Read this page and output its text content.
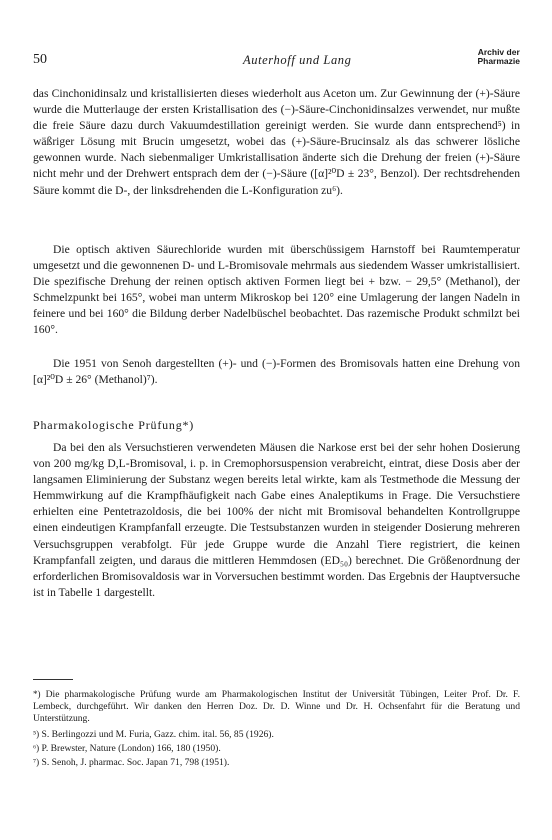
50	Auterhoff und Lang
Archiv der
Pharmazie

das Cinchonidinsalz und kristallisierten dieses wiederholt aus Aceton um. Zur Gewinnung der (+)-Säure wurde die Mutterlauge der ersten Kristallisation des (−)-Säure-Cinchonidinsalzes verwendet, nur mußte die freie Säure dazu durch Vakuumdestillation gereinigt werden. Sie wurde dann entsprechend⁵) in wäßriger Lösung mit Brucin umgesetzt, wobei das (+)-Säure-Brucinsalz als das schwerer lösliche gewonnen wurde. Nach siebenmaliger Umkristallisation änderte sich die Drehung der freien (+)-Säure nicht mehr und der Drehwert entsprach dem der (−)-Säure ([α]²⁰D ± 23°, Benzol). Der rechtsdrehenden Säure kommt die D-, der linksdrehenden die L-Konfiguration zu⁶).

Die optisch aktiven Säurechloride wurden mit überschüssigem Harnstoff bei Raumtemperatur umgesetzt und die gewonnenen D- und L-Bromisovale mehrmals aus siedendem Wasser umkristallisiert. Die spezifische Drehung der reinen optisch aktiven Formen liegt bei + bzw. − 29,5° (Methanol), der Schmelzpunkt bei 165°, wobei man unterm Mikroskop bei 120° eine Umlagerung der langen Nadeln in feinere und bei 160° die Bildung derber Nadelbüschel beobachtet. Das razemische Produkt schmilzt bei 160°.

Die 1951 von Senoh dargestellten (+)- und (−)-Formen des Bromisovals hatten eine Drehung von [α]²⁰D ± 26° (Methanol)⁷).

Pharmakologische Prüfung*)

Da bei den als Versuchstieren verwendeten Mäusen die Narkose erst bei der sehr hohen Dosierung von 200 mg/kg D,L-Bromisoval, i. p. in Cremophorsuspension verabreicht, eintrat, diese Dosis aber der langsamen Eliminierung der Substanz wegen bereits letal wirkte, kam als Testmethode die Messung der Hemmwirkung auf die Krampfhäufigkeit nach Gabe eines Analeptikums in Frage. Die Versuchstiere erhielten eine Pentetrazoldosis, die bei 100% der nicht mit Bromisoval behandelten Kontrollgruppe einen eindeutigen Krampfanfall erzeugte. Die Testsubstanzen wurden in steigender Dosierung mehreren Versuchsgruppen verabfolgt. Für jede Gruppe wurde die Anzahl Tiere registriert, die keinen Krampfanfall zeigten, und daraus die mittleren Hemmdosen (ED₅₀) berechnet. Die Größenordnung der erforderlichen Bromisovaldosis war in Vorversuchen bestimmt worden. Das Ergebnis der Hauptversuche ist in Tabelle 1 dargestellt.

*) Die pharmakologische Prüfung wurde am Pharmakologischen Institut der Universität Tübingen, Leiter Prof. Dr. F. Lembeck, durchgeführt. Wir danken den Herren Doz. Dr. D. Winne und Dr. H. Ochsenfahrt für die Beratung und Unterstützung.

⁵) S. Berlingozzi und M. Furia, Gazz. chim. ital. 56, 85 (1926).

⁶) P. Brewster, Nature (London) 166, 180 (1950).

⁷) S. Senoh, J. pharmac. Soc. Japan 71, 798 (1951).
